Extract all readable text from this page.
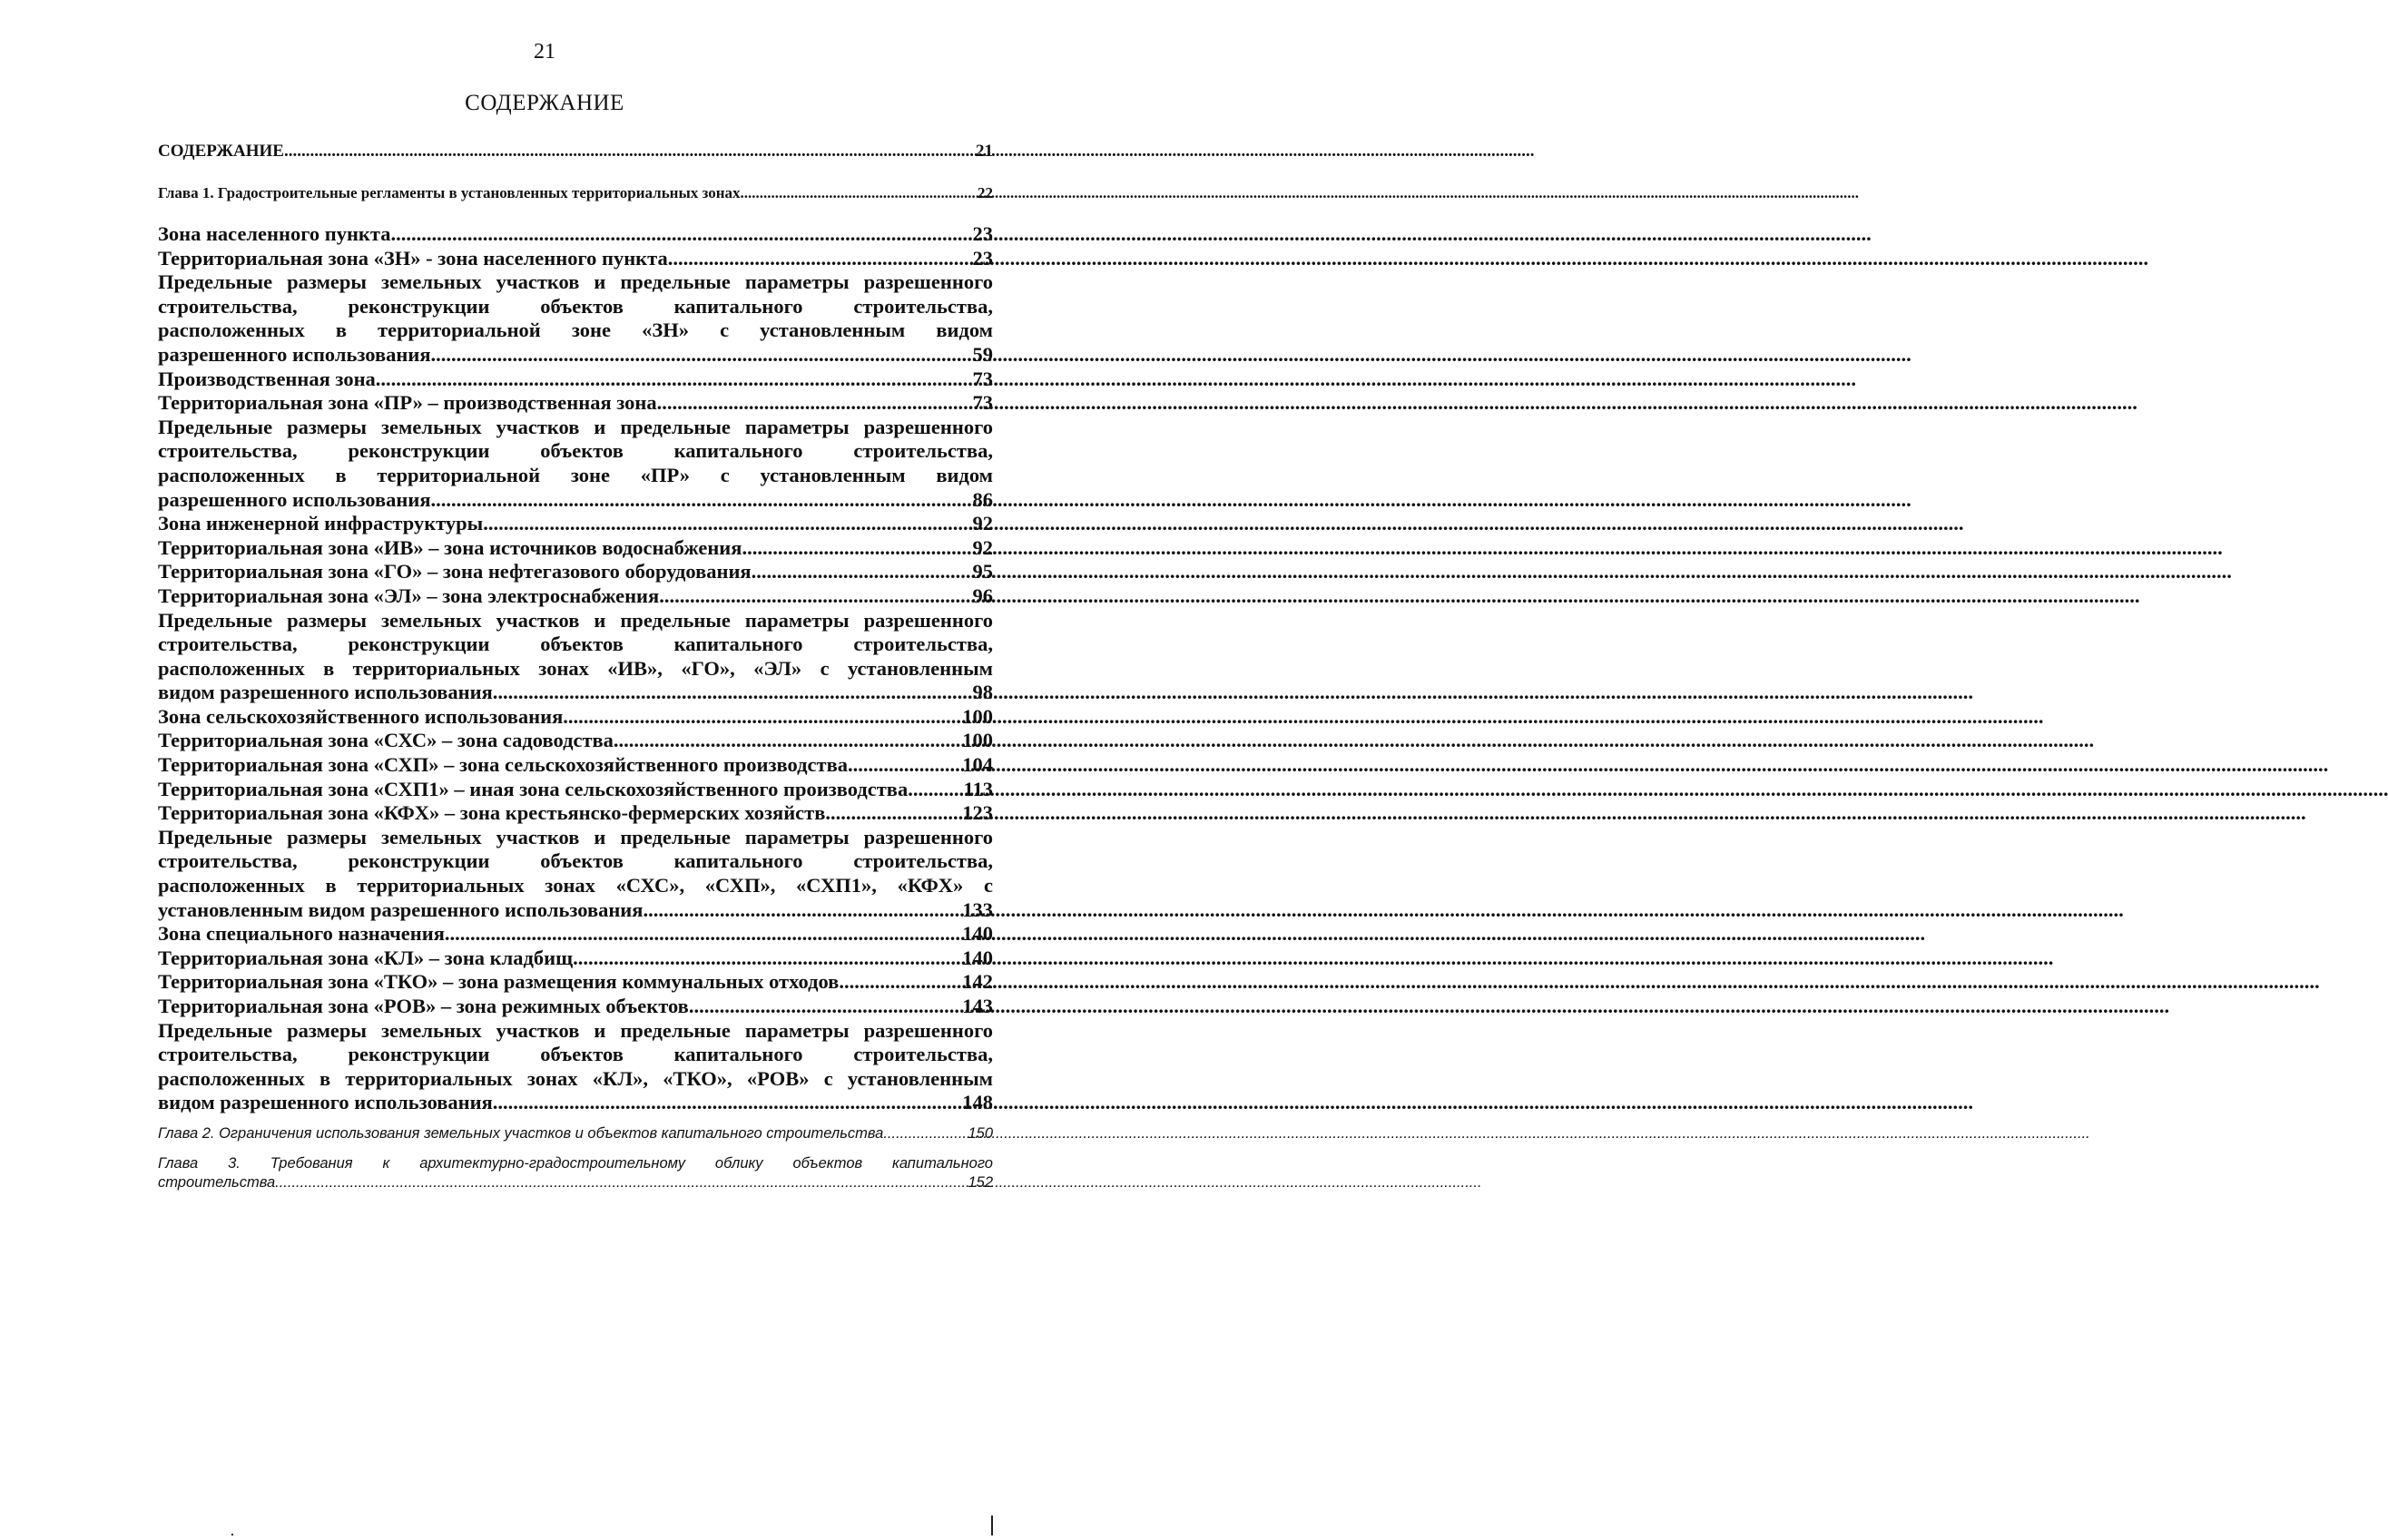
21
СОДЕРЖАНИЕ
СОДЕРЖАНИЕ .....	21
Глава 1. Градостроительные регламенты в установленных территориальных зонах .....	22
Зона населенного пункта .....	23
Территориальная зона «ЗН» - зона населенного пункта .....	23
Предельные размеры земельных участков и предельные параметры разрешенного
строительства, реконструкции объектов капитального строительства,
расположенных в территориальной зоне «ЗН» с установленным видом
разрешенного использования .....	59
Производственная зона .....	73
Территориальная зона «ПР» – производственная зона .....	73
Предельные размеры земельных участков и предельные параметры разрешенного
строительства, реконструкции объектов капитального строительства,
расположенных в территориальной зоне «ПР» с установленным видом
разрешенного использования .....	86
Зона инженерной инфраструктуры .....	92
Территориальная зона «ИВ» – зона источников водоснабжения .....	92
Территориальная зона «ГО» – зона нефтегазового оборудования .....	95
Территориальная зона «ЭЛ» – зона электроснабжения .....	96
Предельные размеры земельных участков и предельные параметры разрешенного
строительства, реконструкции объектов капитального строительства,
расположенных в территориальных зонах «ИВ», «ГО», «ЭЛ» с установленным
видом разрешенного использования .....	98
Зона сельскохозяйственного использования .....	100
Территориальная зона «СХС» – зона садоводства .....	100
Территориальная зона «СХП» – зона сельскохозяйственного производства .....	104
Территориальная зона «СХП1» – иная зона сельскохозяйственного производства .....	113
Территориальная зона «КФХ» – зона крестьянско-фермерских хозяйств .....	123
Предельные размеры земельных участков и предельные параметры разрешенного
строительства, реконструкции объектов капитального строительства,
расположенных в территориальных зонах «СХС», «СХП», «СХП1», «КФХ» с
установленным видом разрешенного использования .....	133
Зона специального назначения .....	140
Территориальная зона «КЛ» – зона кладбищ .....	140
Территориальная зона «ТКО» – зона размещения коммунальных отходов .....	142
Территориальная зона «РОВ» – зона режимных объектов .....	143
Предельные размеры земельных участков и предельные параметры разрешенного
строительства, реконструкции объектов капитального строительства,
расположенных в территориальных зонах «КЛ», «ТКО», «РОВ» с установленным
видом разрешенного использования .....	148
Глава 2. Ограничения использования земельных участков и объектов капитального строительства .....	150
Глава 3. Требования к архитектурно-градостроительному облику объектов капитального
строительства .....	152
